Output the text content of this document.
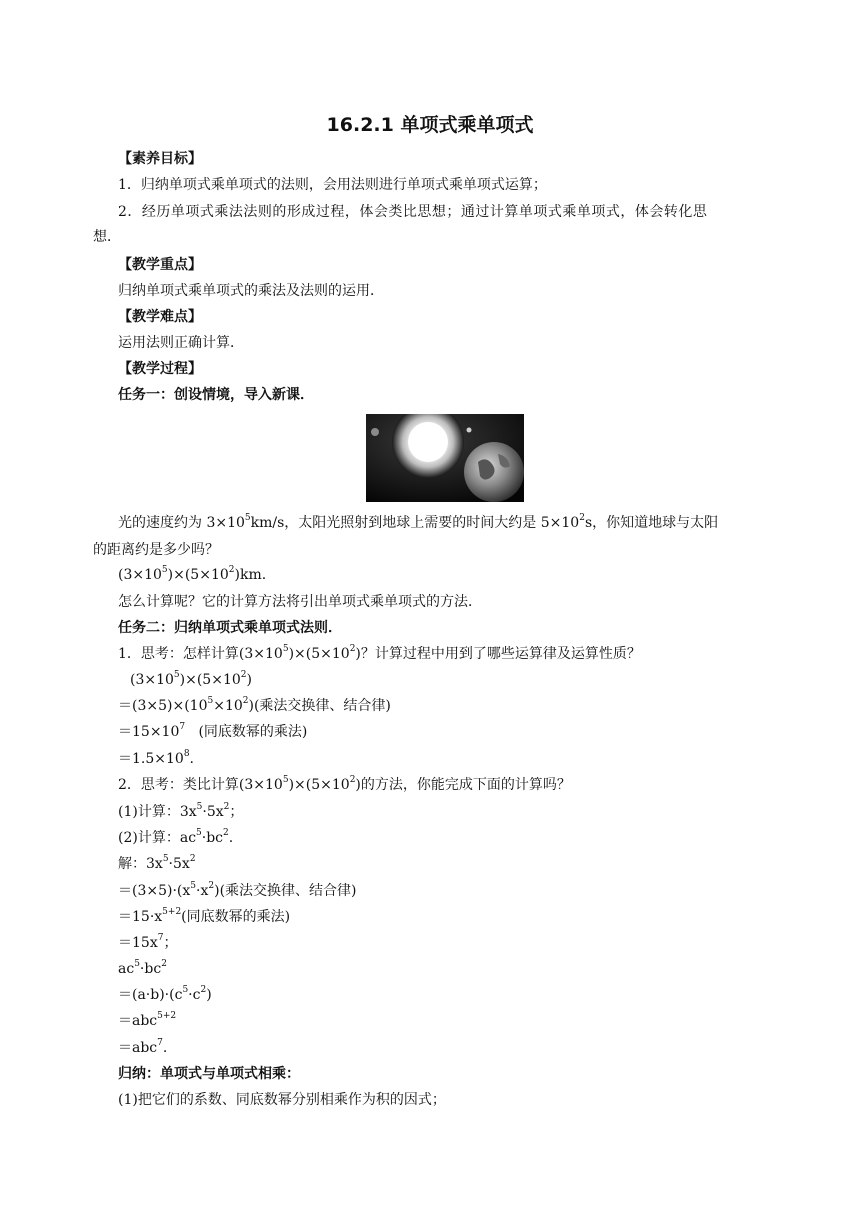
16.2.1 单项式乘单项式
【素养目标】
1．归纳单项式乘单项式的法则，会用法则进行单项式乘单项式运算；
2．经历单项式乘法法则的形成过程，体会类比思想；通过计算单项式乘单项式，体会转化思
想．
【教学重点】
归纳单项式乘单项式的乘法及法则的运用．
【教学难点】
运用法则正确计算．
【教学过程】
任务一：创设情境，导入新课．
光的速度约为 $3\times 10^5km/s$，太阳光照射到地球上需要的时间大约是 $5\times 10^2s$，你知道地球与太阳
的距离约是多少吗？
$(3\times 10^5)\times(5\times 10^2)km$.
怎么计算呢？它的计算方法将引出单项式乘单项式的方法．
任务二：归纳单项式乘单项式法则．
1．思考：怎样计算$(3\times 10^5)\times(5\times 10^2)$？计算过程中用到了哪些运算律及运算性质？
$(3\times 10^5)\times(5\times 10^2)$
$=(3\times 5)\times(10^5\times 10^2)$(乘法交换律、结合律)
$=15\times 10^7$ (同底数幂的乘法)
$=1.5\times 10^8$.
2．思考：类比计算$(3\times 10^5)\times(5\times 10^2)$的方法，你能完成下面的计算吗？
(1)计算：$3x^5\cdot 5x^2$；
(2)计算：$ac^5\cdot bc^2$.
解：$3x^5\cdot 5x^2$
$=(3\times 5)\cdot(x^5\cdot x^2)$(乘法交换律、结合律)
$=15\cdot x^{5+2}$(同底数幂的乘法)
$=15x^7$；
$ac^5\cdot bc^2$
$=(a\cdot b)\cdot(c^5\cdot c^2)$
＝abc$^{5+2}$
＝abc$^7$.
归纳：单项式与单项式相乘：
(1)把它们的系数、同底数幂分别相乘作为积的因式；
